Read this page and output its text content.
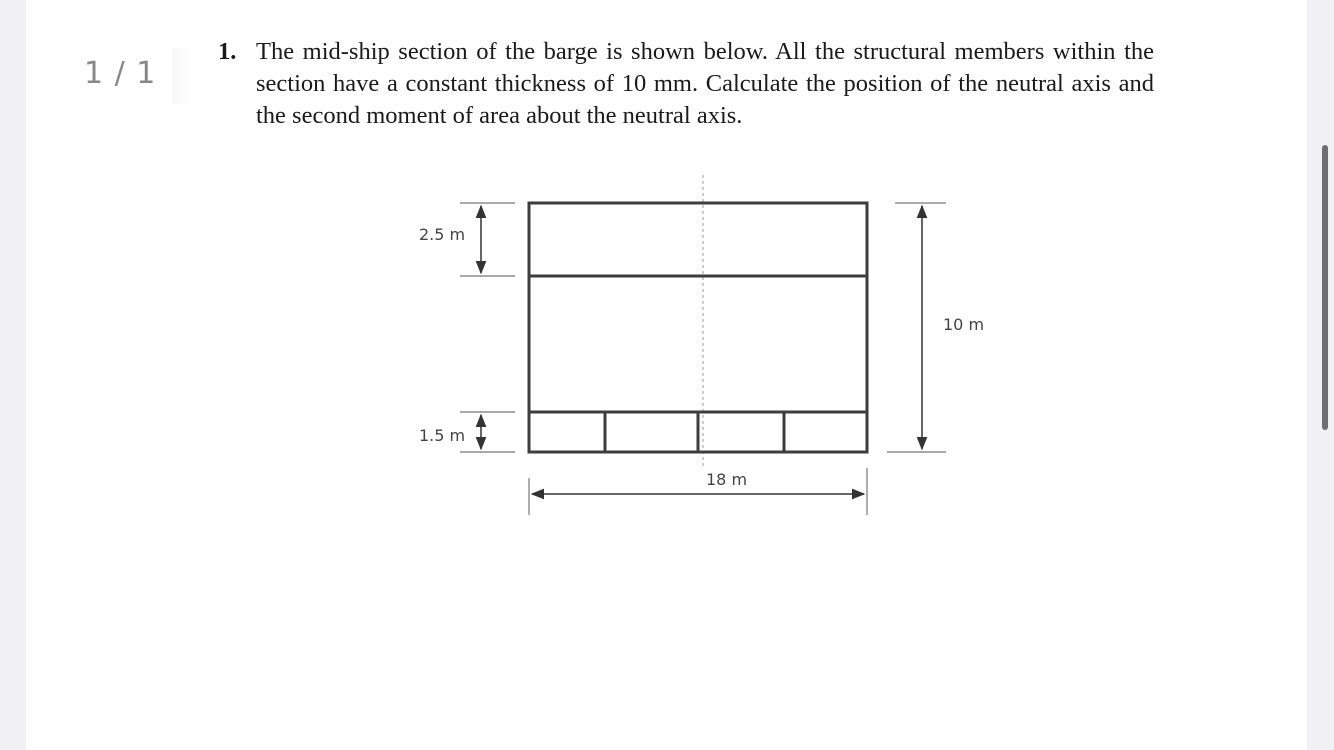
1 / 1
1. The mid-ship section of the barge is shown below. All the structural members within the section have a constant thickness of 10 mm. Calculate the position of the neutral axis and the second moment of area about the neutral axis.
2.5 m
1.5 m
10 m
18 m
